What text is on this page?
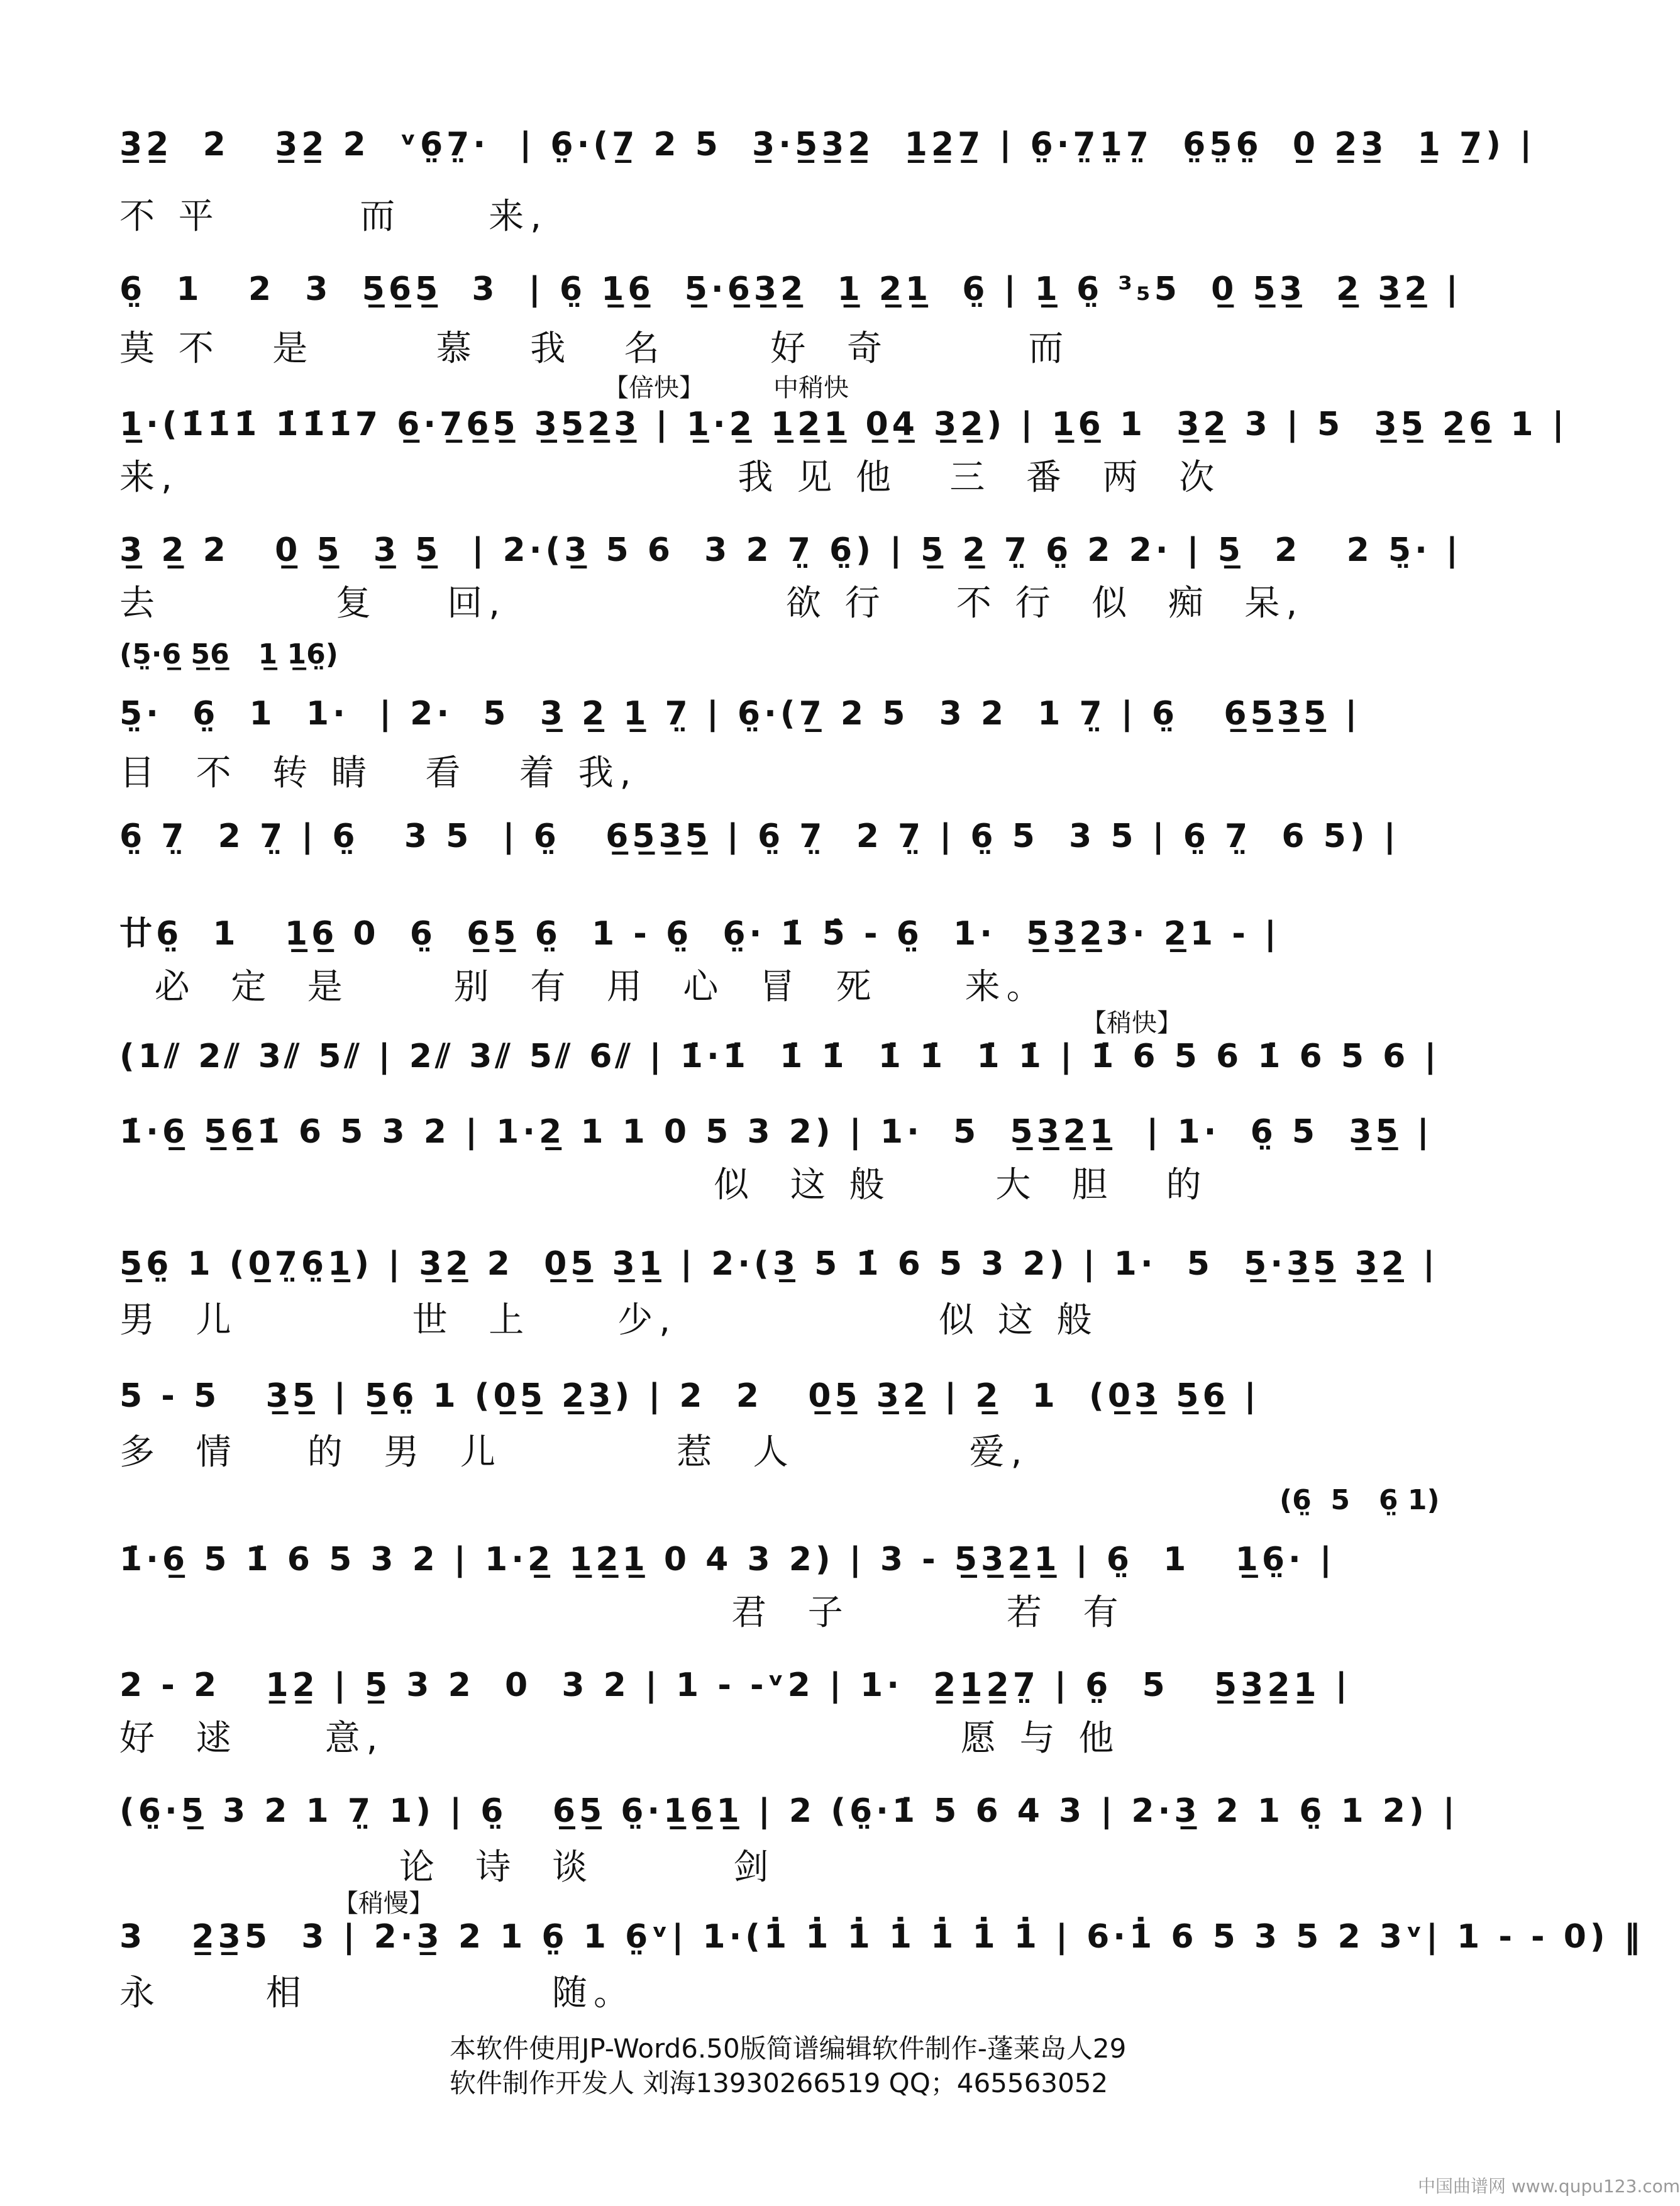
3̲2̲  2   3̲2̲ 2  ᵛ6̤7̤·  | 6̤·(7̲ 2 5  3̲·5̲3̲2̲  1̲2̲7̲ | 6̤·7̤1̤7̤  6̤5̤6̤  0̲ 2̲3̲  1̲ 7̲) |
不 平        而     来,
6̤  1   2  3  5̲6̲5̲  3  | 6̤ 1̲6̲  5̲·6̲3̲2̲  1̲ 2̲1̲  6̤ | 1̲ 6̤ ³₅5  0̲ 5̲3̲  2̲ 3̲2̲ |
莫 不   是       慕   我   名      好  奇        而
【倍快】	中稍快
1̲·(1̇1̇1̇ 1̇1̇1̇7 6̲·7̲6̲5̲ 3̲5̲2̲3̲ | 1̲·2̲ 1̲2̲1̲ 0̲4̲ 3̲2̲) | 1̲6̲ 1  3̲2̲ 3 | 5  3̲5̲ 2̲6̲ 1 |
来,                                我 见 他   三  番  两  次
3̲ 2̲ 2   0̲ 5̲  3̲ 5̲  | 2·(3̲ 5 6  3 2 7̤ 6̤) | 5̲ 2̲ 7̤ 6̤ 2 2· | 5̲  2   2 5̤· |
去          复    回,                欲 行    不 行  似  痴  呆,
(5̤·6̲ 5̲6̲   1̲ 1̲6̤)
5̤·  6̤  1  1·  | 2·  5  3̲ 2̲ 1̲ 7̤ | 6̤·(7̲ 2 5  3 2  1 7̤ | 6̤   6̲5̲3̲5̲ |
目  不  转 睛   看   着 我,
6̤ 7̤  2 7̤ | 6̤   3 5  | 6̤   6̲5̲3̲5̲ | 6̤ 7̤  2 7̤ | 6̤ 5  3 5 | 6̤ 7̤  6 5) |
廿6̤  1   1̲6̲ 0  6̤  6̲5̲ 6̤  1 - 6̤  6̤· 1̇ 5̂ - 6̤  1·  5̲3̲2̲3· 2̲1 - |
必  定  是      别  有  用  心  冒  死     来。
【稍快】
(1⫽ 2⫽ 3⫽ 5⫽ | 2⫽ 3⫽ 5⫽ 6⫽ | 1̇·1̇  1̇ 1̇  1̇ 1̇  1̇ 1̇ | 1̇ 6 5 6 1̇ 6 5 6 |
1̇·6̲ 5̲6̲1̇ 6 5 3 2 | 1·2̲ 1 1 0 5 3 2) | 1·  5  5̲3̲2̲1̲  | 1·  6̤ 5  3̲5̲ |
似  这 般      大  胆   的
5̲6̤ 1 (0̲7̤6̤1̲) | 3̲2̲ 2  0̲5̲ 3̲1̲ | 2·(3̲ 5 1̇ 6 5 3 2) | 1·  5  5̲·3̲5̲ 3̲2̲ |
男  儿          世  上     少,               似 这 般
5 - 5   3̲5̲ | 5̲6̤ 1 (0̲5̲ 2̲3̲) | 2  2   0̲5̲ 3̲2̲ | 2̲  1  (0̲3̲ 5̲6̲ |
多  情    的  男  儿          惹  人          爱,
(6̤  5   6̤ 1)
1̇·6̲ 5 1̇ 6 5 3 2 | 1·2̲ 1̲2̲1̲ 0 4 3 2) | 3 - 5̲3̲2̲1̲ | 6̤  1   1̲6̤· |
君  子         若  有
2 - 2   1̲2̲ | 5̲ 3 2  0  3 2 | 1 - -ᵛ2 | 1·  2̲1̲2̲7̤ | 6̤  5   5̲3̲2̲1̲ |
好  逑     意,                                 愿 与 他
(6̤·5̲ 3 2 1 7̤ 1) | 6̤   6̲5̲ 6̤·1̲6̲1̲ | 2 (6̤·1̇ 5 6 4 3 | 2·3̲ 2 1 6̤ 1 2) |
论  诗  谈        剑
【稍慢】
3   2̲3̲5  3 | 2·3̲ 2 1 6̤ 1 6̤ᵛ| 1·(1̇ 1̇ 1̇ 1̇ 1̇ 1̇ 1̇ | 6·1̇ 6 5 3 5 2 3ᵛ| 1 - - 0) ‖
永      相              随。
本软件使用JP-Word6.50版简谱编辑软件制作-蓬莱岛人29
软件制作开发人 刘海13930266519 QQ；465563052
中国曲谱网 www.qupu123.com
